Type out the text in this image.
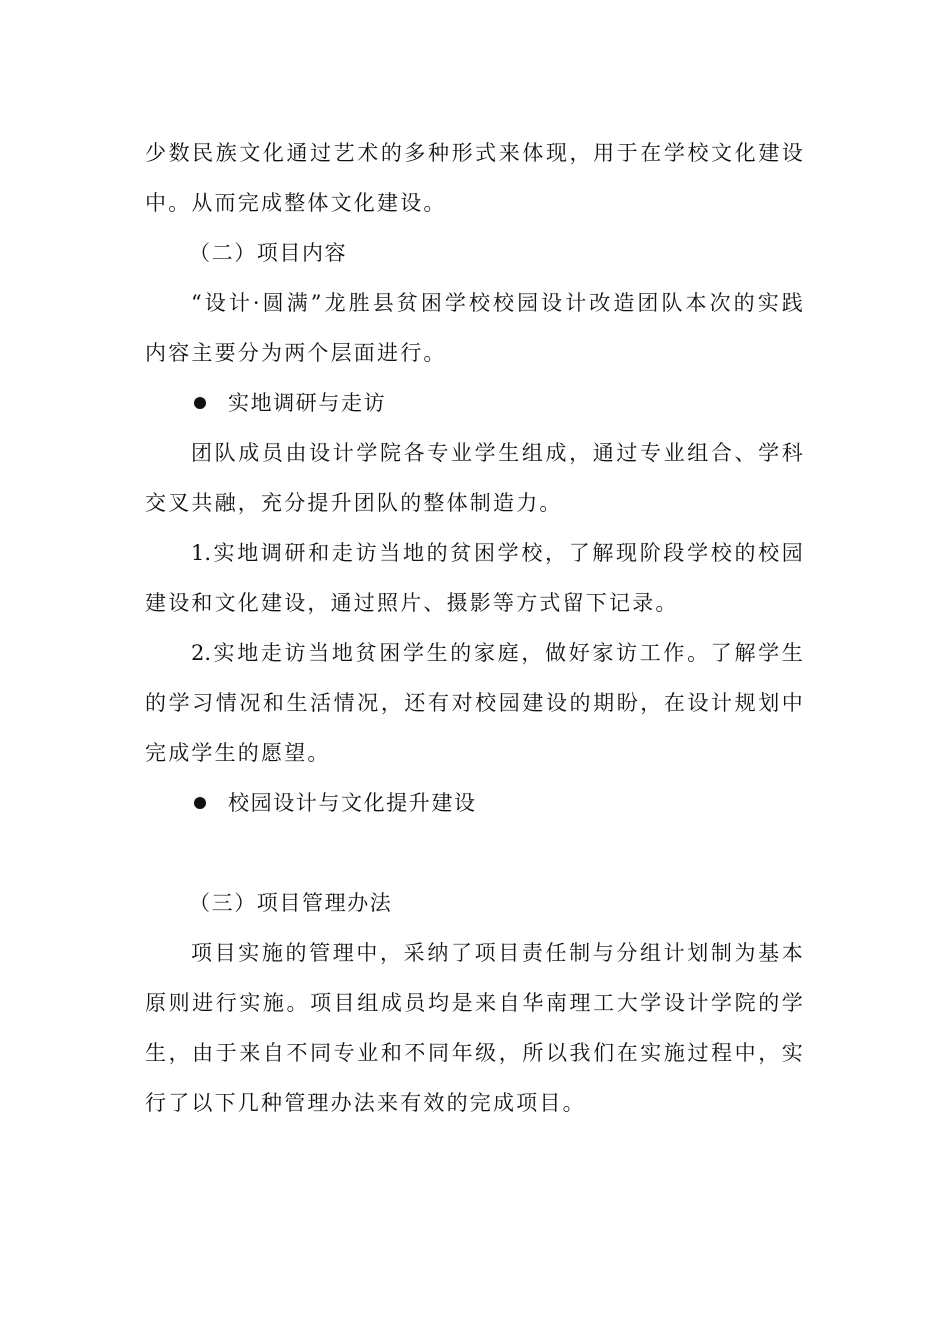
少数民族文化通过艺术的多种形式来体现，用于在学校文化建设中。从而完成整体文化建设。

（二）项目内容

“设计·圆满”龙胜县贫困学校校园设计改造团队本次的实践内容主要分为两个层面进行。

实地调研与走访

团队成员由设计学院各专业学生组成，通过专业组合、学科交叉共融，充分提升团队的整体制造力。

1.实地调研和走访当地的贫困学校，了解现阶段学校的校园建设和文化建设，通过照片、摄影等方式留下记录。

2.实地走访当地贫困学生的家庭，做好家访工作。了解学生的学习情况和生活情况，还有对校园建设的期盼，在设计规划中完成学生的愿望。

校园设计与文化提升建设

（三）项目管理办法

项目实施的管理中，采纳了项目责任制与分组计划制为基本原则进行实施。项目组成员均是来自华南理工大学设计学院的学生，由于来自不同专业和不同年级，所以我们在实施过程中，实行了以下几种管理办法来有效的完成项目。
